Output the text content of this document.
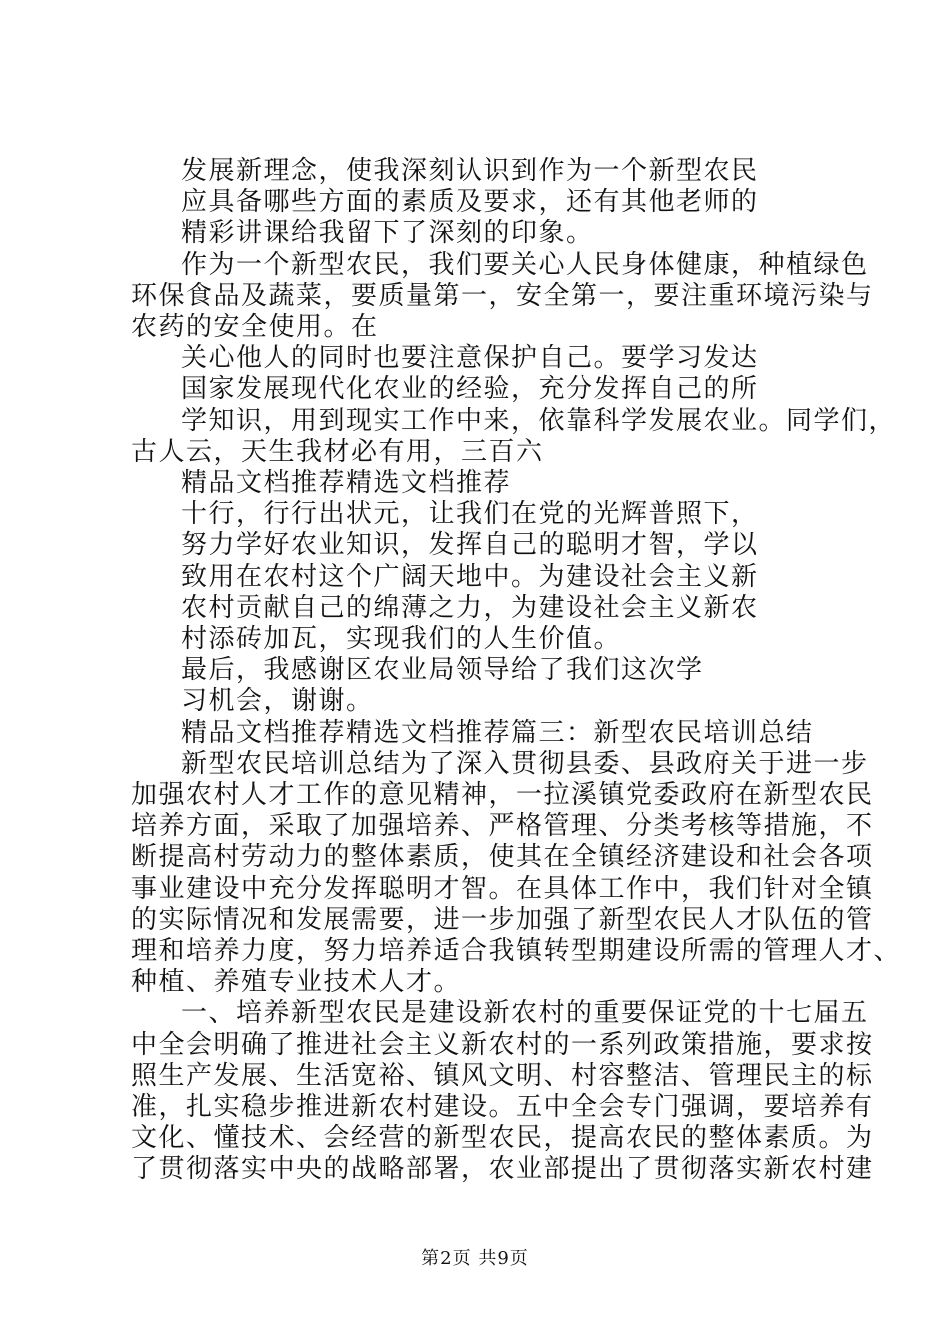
发展新理念，使我深刻认识到作为一个新型农民
应具备哪些方面的素质及要求，还有其他老师的
精彩讲课给我留下了深刻的印象。
作为一个新型农民，我们要关心人民身体健康，种植绿色
环保食品及蔬菜，要质量第一，安全第一，要注重环境污染与
农药的安全使用。在
关心他人的同时也要注意保护自己。要学习发达
国家发展现代化农业的经验，充分发挥自己的所
学知识，用到现实工作中来，依靠科学发展农业。同学们，
古人云，天生我材必有用，三百六
精品文档推荐精选文档推荐
十行，行行出状元，让我们在党的光辉普照下，
努力学好农业知识，发挥自己的聪明才智，学以
致用在农村这个广阔天地中。为建设社会主义新
农村贡献自己的绵薄之力，为建设社会主义新农
村添砖加瓦，实现我们的人生价值。
最后，我感谢区农业局领导给了我们这次学
习机会，谢谢。
精品文档推荐精选文档推荐篇三：新型农民培训总结
新型农民培训总结为了深入贯彻县委、县政府关于进一步
加强农村人才工作的意见精神，一拉溪镇党委政府在新型农民
培养方面，采取了加强培养、严格管理、分类考核等措施，不
断提高村劳动力的整体素质，使其在全镇经济建设和社会各项
事业建设中充分发挥聪明才智。在具体工作中，我们针对全镇
的实际情况和发展需要，进一步加强了新型农民人才队伍的管
理和培养力度，努力培养适合我镇转型期建设所需的管理人才、
种植、养殖专业技术人才。
一、培养新型农民是建设新农村的重要保证党的十七届五
中全会明确了推进社会主义新农村的一系列政策措施，要求按
照生产发展、生活宽裕、镇风文明、村容整洁、管理民主的标
准，扎实稳步推进新农村建设。五中全会专门强调，要培养有
文化、懂技术、会经营的新型农民，提高农民的整体素质。为
了贯彻落实中央的战略部署，农业部提出了贯彻落实新农村建
第2页 共9页
